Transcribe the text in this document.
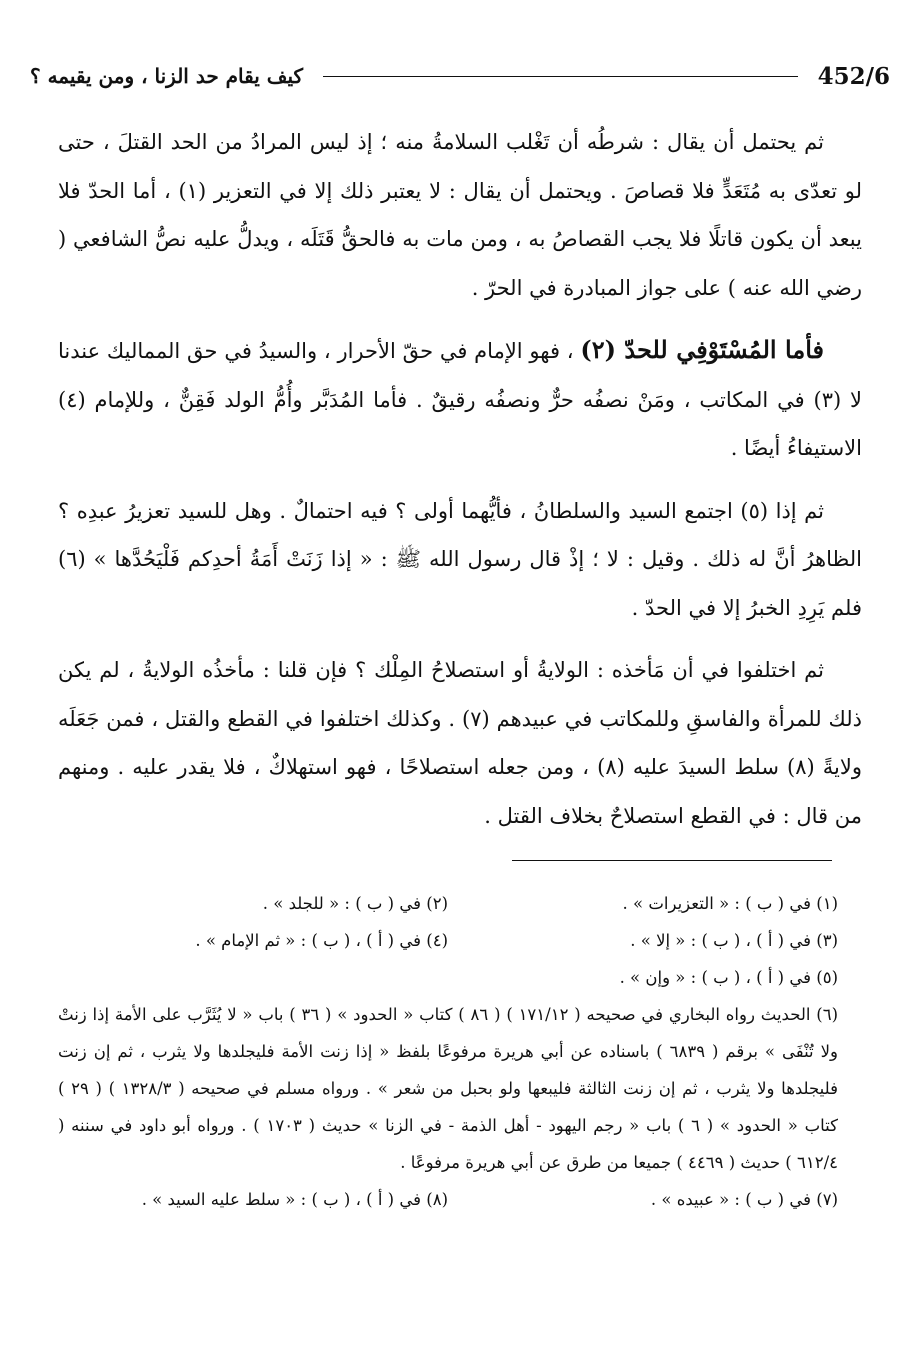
452/6
كيف يقام حد الزنا ، ومن يقيمه ؟

ثم يحتمل أن يقال : شرطُه أن تَغْلب السلامةُ منه ؛ إذ ليس المرادُ من الحد القتلَ ، حتى لو تعدّى به مُتَعَدٍّ فلا قصاصَ . ويحتمل أن يقال : لا يعتبر ذلك إلا في التعزير (١) ، أما الحدّ فلا يبعد أن يكون قاتلًا فلا يجب القصاصُ به ، ومن مات به فالحقُّ قَتَلَه ، ويدلُّ عليه نصُّ الشافعي ( رضي الله عنه ) على جواز المبادرة في الحرّ .

فأما المُسْتَوْفِي للحدّ (٢) ، فهو الإمام في حقّ الأحرار ، والسيدُ في حق المماليك عندنا لا (٣) في المكاتب ، ومَنْ نصفُه حرٌّ ونصفُه رقيقٌ . فأما المُدَبَّر وأُمُّ الولد فَقِنٌّ ، وللإمام (٤) الاستيفاءُ أيضًا .

ثم إذا (٥) اجتمع السيد والسلطانُ ، فأيُّهما أولى ؟ فيه احتمالٌ . وهل للسيد تعزيرُ عبدِه ؟ الظاهرُ أنَّ له ذلك . وقيل : لا ؛ إذْ قال رسول الله ﷺ : « إذا زَنَتْ أَمَةُ أحدِكم فَلْيَحُدَّها » (٦) فلم يَرِدِ الخبرُ إلا في الحدّ .

ثم اختلفوا في أن مَأخذه : الولايةُ أو استصلاحُ المِلْك ؟ فإن قلنا : مأخذُه الولايةُ ، لم يكن ذلك للمرأة والفاسقِ وللمكاتب في عبيدهم (٧) . وكذلك اختلفوا في القطع والقتل ، فمن جَعَلَه ولايةً (٨) سلط السيدَ عليه (٨) ، ومن جعله استصلاحًا ، فهو استهلاكٌ ، فلا يقدر عليه . ومنهم من قال : في القطع استصلاحٌ بخلاف القتل .

(١) في ( ب ) : « التعزيرات » .
(٢) في ( ب ) : « للجلد » .
(٣) في ( أ ) ، ( ب ) : « إلا » .
(٤) في ( أ ) ، ( ب ) : « ثم الإمام » .
(٥) في ( أ ) ، ( ب ) : « وإن » .
(٦) الحديث رواه البخاري في صحيحه ( ١٧١/١٢ ) ( ٨٦ ) كتاب « الحدود » ( ٣٦ ) باب « لا يُثَرَّب على الأمة إذا زنتْ ولا تُنْفَى » برقم ( ٦٨٣٩ ) باسناده عن أبي هريرة مرفوعًا بلفظ « إذا زنت الأمة فليجلدها ولا يثرب ، ثم إن زنت فليجلدها ولا يثرب ، ثم إن زنت الثالثة فليبعها ولو بحبل من شعر » . ورواه مسلم في صحيحه ( ١٣٢٨/٣ ) ( ٢٩ ) كتاب « الحدود » ( ٦ ) باب « رجم اليهود - أهل الذمة - في الزنا » حديث ( ١٧٠٣ ) . ورواه أبو داود في سننه ( ٦١٢/٤ ) حديث ( ٤٤٦٩ ) جميعا من طرق عن أبي هريرة مرفوعًا .
(٧) في ( ب ) : « عبيده » .
(٨) في ( أ ) ، ( ب ) : « سلط عليه السيد » .
